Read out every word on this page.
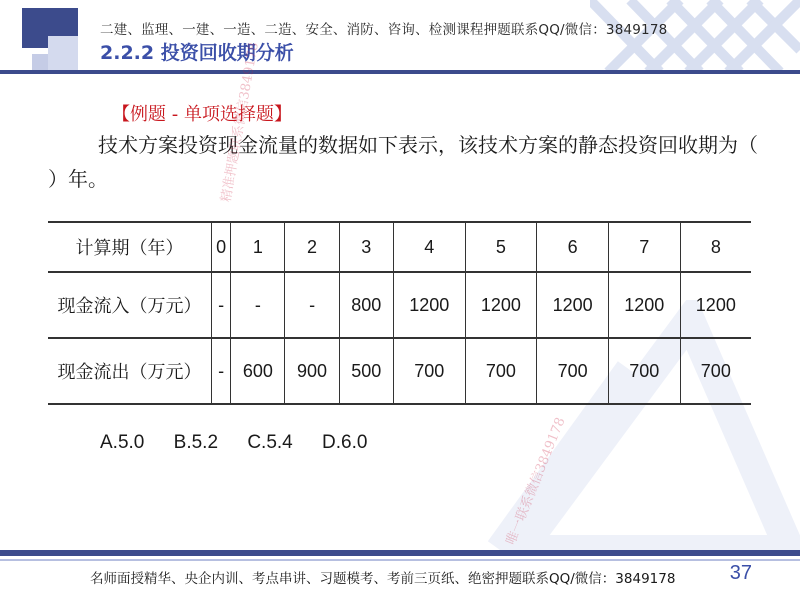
二建、监理、一建、一造、二造、安全、消防、咨询、检测课程押题联系QQ/微信：3849178
2.2.2 投资回收期分析
【例题 - 单项选择题】

技术方案投资现金流量的数据如下表示，该技术方案的静态投资回收期为（ ）年。

计算期（年）	0	1	2	3	4	5	6	7	8
现金流入（万元）	-	-	-	800	1200	1200	1200	1200	1200
现金流出（万元）	-	600	900	500	700	700	700	700	700
A.5.0 B.5.2 C.5.4 D.6.0
精准押题联系微信3849178
唯一联系微信3849178
名师面授精华、央企内训、考点串讲、习题模考、考前三页纸、绝密押题联系QQ/微信：3849178	37
